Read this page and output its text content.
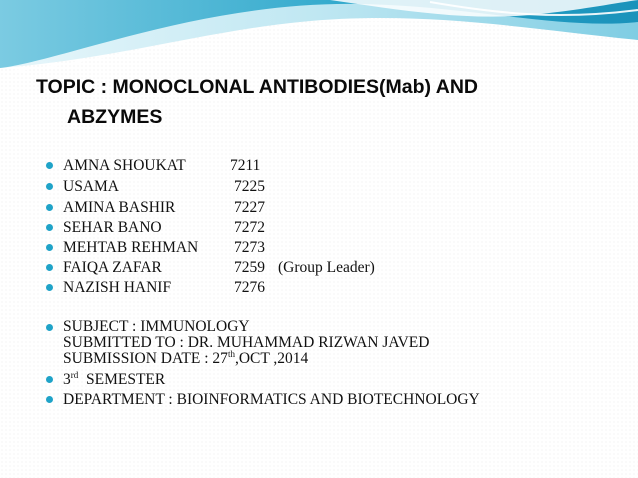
TOPIC : MONOCLONAL ANTIBODIES(Mab) AND
ABZYMES
AMNA SHOUKAT	7211
USAMA	7225
AMINA BASHIR	7227
SEHAR BANO	7272
MEHTAB REHMAN 7273
FAIQA ZAFAR	7259 (Group Leader)
NAZISH HANIF	7276
SUBJECT : IMMUNOLOGY
SUBMITTED TO : DR. MUHAMMAD RIZWAN JAVED
SUBMISSION DATE : 27th,OCT ,2014
3rd  SEMESTER
DEPARTMENT : BIOINFORMATICS AND BIOTECHNOLOGY
